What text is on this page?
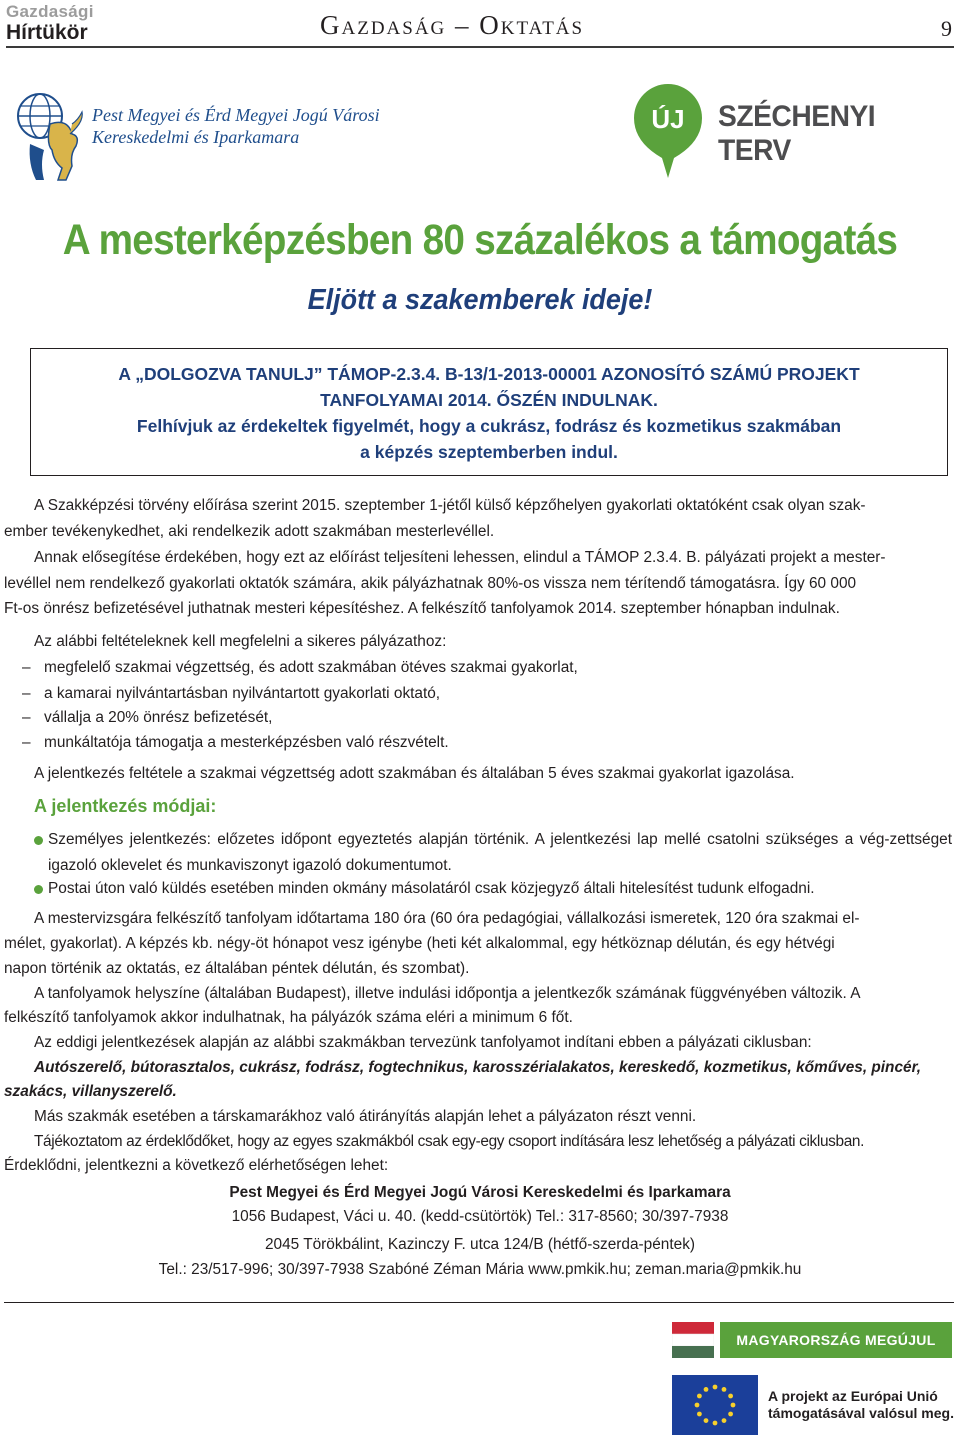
Gazdasági
Hírtükör	Gazdaság – Oktatás	9
Pest Megyei és Érd Megyei Jogú Városi
Kereskedelmi és Iparkamara
ÚJ SZÉCHENYI TERV
A mesterképzésben 80 százalékos a támogatás
Eljött a szakemberek ideje!
A „DOLGOZVA TANULJ” TÁMOP-2.3.4. B-13/1-2013-00001 AZONOSÍTÓ SZÁMÚ PROJEKT
TANFOLYAMAI 2014. ŐSZÉN INDULNAK.
Felhívjuk az érdekeltek figyelmét, hogy a cukrász, fodrász és kozmetikus szakmában
a képzés szeptemberben indul.
A Szakképzési törvény előírása szerint 2015. szeptember 1-jétől külső képzőhelyen gyakorlati oktatóként csak olyan szak-
ember tevékenykedhet, aki rendelkezik adott szakmában mesterlevéllel.
Annak elősegítése érdekében, hogy ezt az előírást teljesíteni lehessen, elindul a TÁMOP 2.3.4. B. pályázati projekt a mester-
levéllel nem rendelkező gyakorlati oktatók számára, akik pályázhatnak 80%-os vissza nem térítendő támogatásra. Így 60 000
Ft-os önrész befizetésével juthatnak mesteri képesítéshez. A felkészítő tanfolyamok 2014. szeptember hónapban indulnak.
Az alábbi feltételeknek kell megfelelni a sikeres pályázathoz:
– megfelelő szakmai végzettség, és adott szakmában ötéves szakmai gyakorlat,
– a kamarai nyilvántartásban nyilvántartott gyakorlati oktató,
– vállalja a 20% önrész befizetését,
– munkáltatója támogatja a mesterképzésben való részvételt.
A jelentkezés feltétele a szakmai végzettség adott szakmában és általában 5 éves szakmai gyakorlat igazolása.
A jelentkezés módjai:
Személyes jelentkezés: előzetes időpont egyeztetés alapján történik. A jelentkezési lap mellé csatolni szükséges a vég-zettséget igazoló oklevelet és munkaviszonyt igazoló dokumentumot.
Postai úton való küldés esetében minden okmány másolatáról csak közjegyző általi hitelesítést tudunk elfogadni.
A mestervizsgára felkészítő tanfolyam időtartama 180 óra (60 óra pedagógiai, vállalkozási ismeretek, 120 óra szakmai el-
mélet, gyakorlat). A képzés kb. négy-öt hónapot vesz igénybe (heti két alkalommal, egy hétköznap délután, és egy hétvégi
napon történik az oktatás, ez általában péntek délután, és szombat).
A tanfolyamok helyszíne (általában Budapest), illetve indulási időpontja a jelentkezők számának függvényében változik. A
felkészítő tanfolyamok akkor indulhatnak, ha pályázók száma eléri a minimum 6 főt.
Az eddigi jelentkezések alapján az alábbi szakmákban tervezünk tanfolyamot indítani ebben a pályázati ciklusban:
Autószerelő, bútorasztalos, cukrász, fodrász, fogtechnikus, karosszérialakatos, kereskedő, kozmetikus, kőműves, pincér,
szakács, villanyszerelő.
Más szakmák esetében a társkamarákhoz való átirányítás alapján lehet a pályázaton részt venni.
Tájékoztatom az érdeklődőket, hogy az egyes szakmákból csak egy-egy csoport indítására lesz lehetőség a pályázati ciklusban.
Érdeklődni, jelentkezni a következő elérhetőségen lehet:
Pest Megyei és Érd Megyei Jogú Városi Kereskedelmi és Iparkamara
1056 Budapest, Váci u. 40. (kedd-csütörtök) Tel.: 317-8560; 30/397-7938
2045 Törökbálint, Kazinczy F. utca 124/B (hétfő-szerda-péntek)
Tel.: 23/517-996; 30/397-7938 Szabóné Zéman Mária www.pmkik.hu; zeman.maria@pmkik.hu
MAGYARORSZÁG MEGÚJUL
A projekt az Európai Unió
támogatásával valósul meg.
